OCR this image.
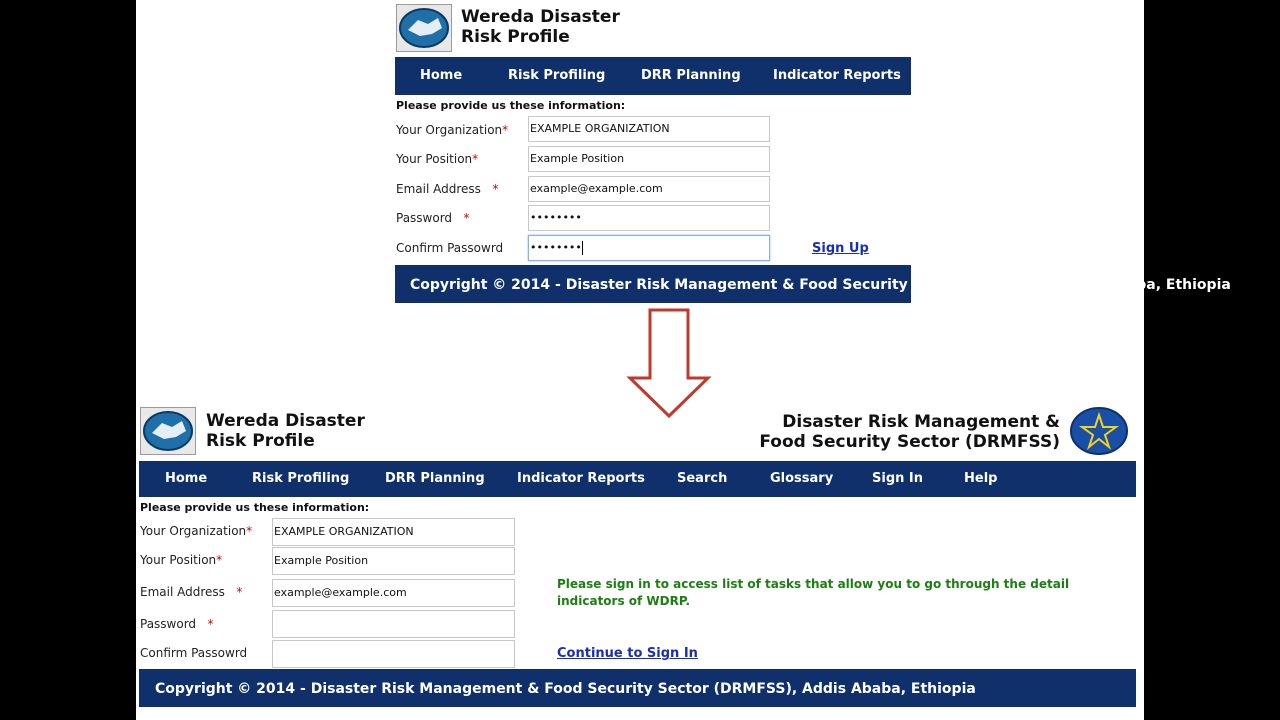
Wereda Disaster
Risk Profile
Home	Risk Profiling	DRR Planning Indicator Reports
Please provide us these information:
Your Organization* EXAMPLE ORGANIZATION
Your Position*	Example Position
Email Address *	example@example.com
Password *	••••••••
Confirm Passowrd ••••••••	Sign Up
Copyright © 2014 - Disaster Risk Management & Food Security Sector (DRMFSS), Addis Ababa, Ethiopia
Wereda Disaster
Risk Profile
Disaster Risk Management &
Food Security Sector (DRMFSS)
Home	Risk Profiling	DRR Planning Indicator Reports Search	Glossary	Sign In	Help
Please provide us these information:
Your Organization* EXAMPLE ORGANIZATION
Your Position*	Example Position
Email Address *	example@example.com
Password *
Confirm Passowrd
Please sign in to access list of tasks that allow you to go through the detail indicators of WDRP.
Continue to Sign In
Copyright © 2014 - Disaster Risk Management & Food Security Sector (DRMFSS), Addis Ababa, Ethiopia
